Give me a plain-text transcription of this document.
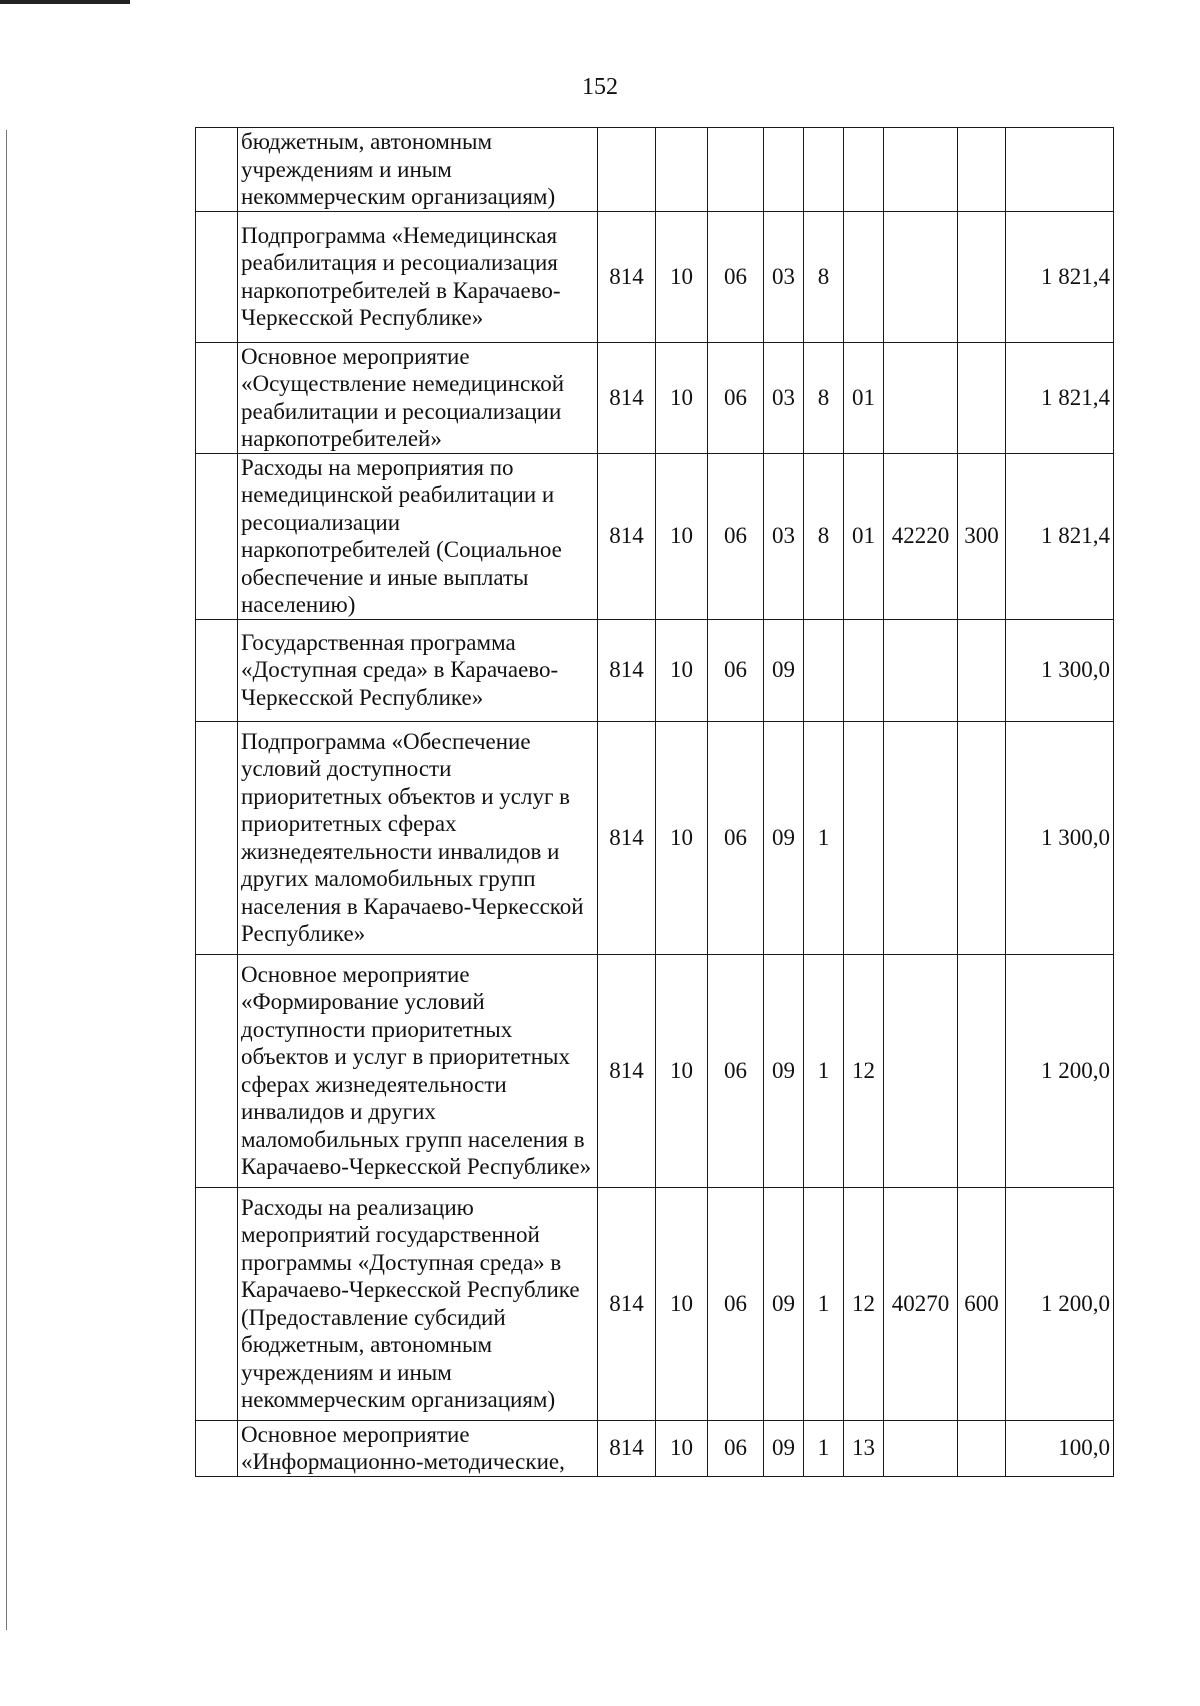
152
	бюджетным, автономным учреждениям и иным некоммерческим организациям)									
	Подпрограмма «Немедицинская реабилитация и ресоциализация наркопотребителей в Карачаево-Черкесской Республике»	814	10	06	03	8				1 821,4
	Основное мероприятие «Осуществление немедицинской реабилитации и ресоциализации наркопотребителей»	814	10	06	03	8	01			1 821,4
	Расходы на мероприятия по немедицинской реабилитации и ресоциализации наркопотребителей (Социальное обеспечение и иные выплаты населению)	814	10	06	03	8	01	42220	300	1 821,4
	Государственная программа «Доступная среда» в Карачаево-Черкесской Республике»	814	10	06	09					1 300,0
	Подпрограмма «Обеспечение условий доступности приоритетных объектов и услуг в приоритетных сферах жизнедеятельности инвалидов и других маломобильных групп населения в Карачаево-Черкесской Республике»	814	10	06	09	1				1 300,0
	Основное мероприятие «Формирование условий доступности приоритетных объектов и услуг в приоритетных сферах жизнедеятельности инвалидов и других маломобильных групп населения в Карачаево-Черкесской Республике»	814	10	06	09	1	12			1 200,0
	Расходы на реализацию мероприятий государственной программы «Доступная среда» в Карачаево-Черкесской Республике (Предоставление субсидий бюджетным, автономным учреждениям и иным некоммерческим организациям)	814	10	06	09	1	12	40270	600	1 200,0
	Основное мероприятие «Информационно-методические,	814	10	06	09	1	13			100,0
